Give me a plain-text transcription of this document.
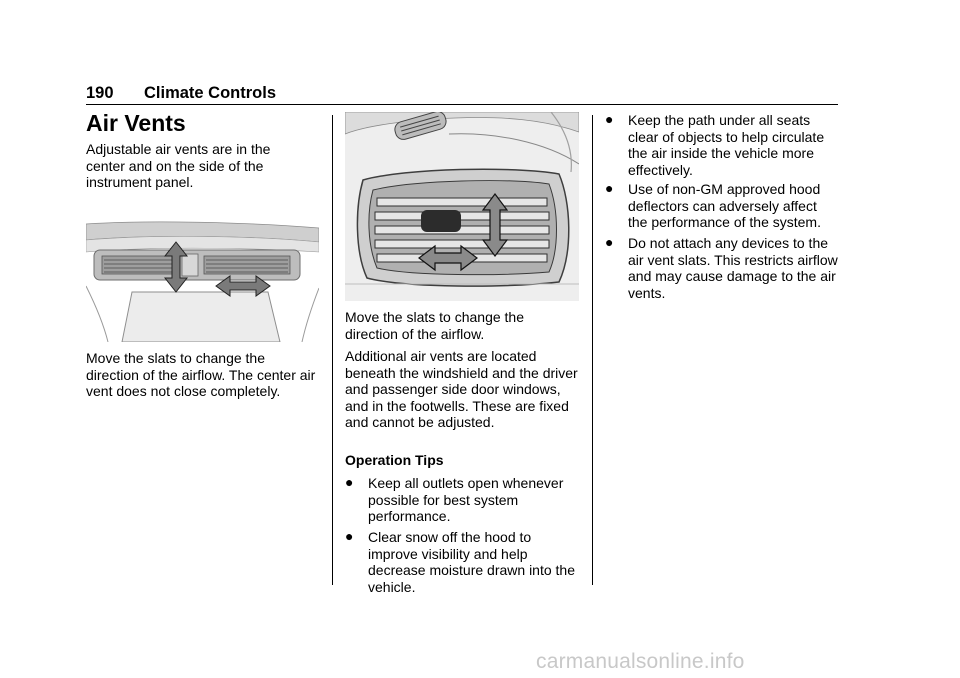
190 Climate Controls
Air Vents

Adjustable air vents are in the center and on the side of the instrument panel.

Move the slats to change the direction of the airflow. The center air vent does not close completely.

Move the slats to change the direction of the airflow.

Additional air vents are located beneath the windshield and the driver and passenger side door windows, and in the footwells. These are fixed and cannot be adjusted.

Operation Tips

● Keep all outlets open whenever possible for best system performance.
● Clear snow off the hood to improve visibility and help decrease moisture drawn into the vehicle.
● Keep the path under all seats clear of objects to help circulate the air inside the vehicle more effectively.
● Use of non-GM approved hood deflectors can adversely affect the performance of the system.
● Do not attach any devices to the air vent slats. This restricts airflow and may cause damage to the air vents.
carmanualsonline.info
